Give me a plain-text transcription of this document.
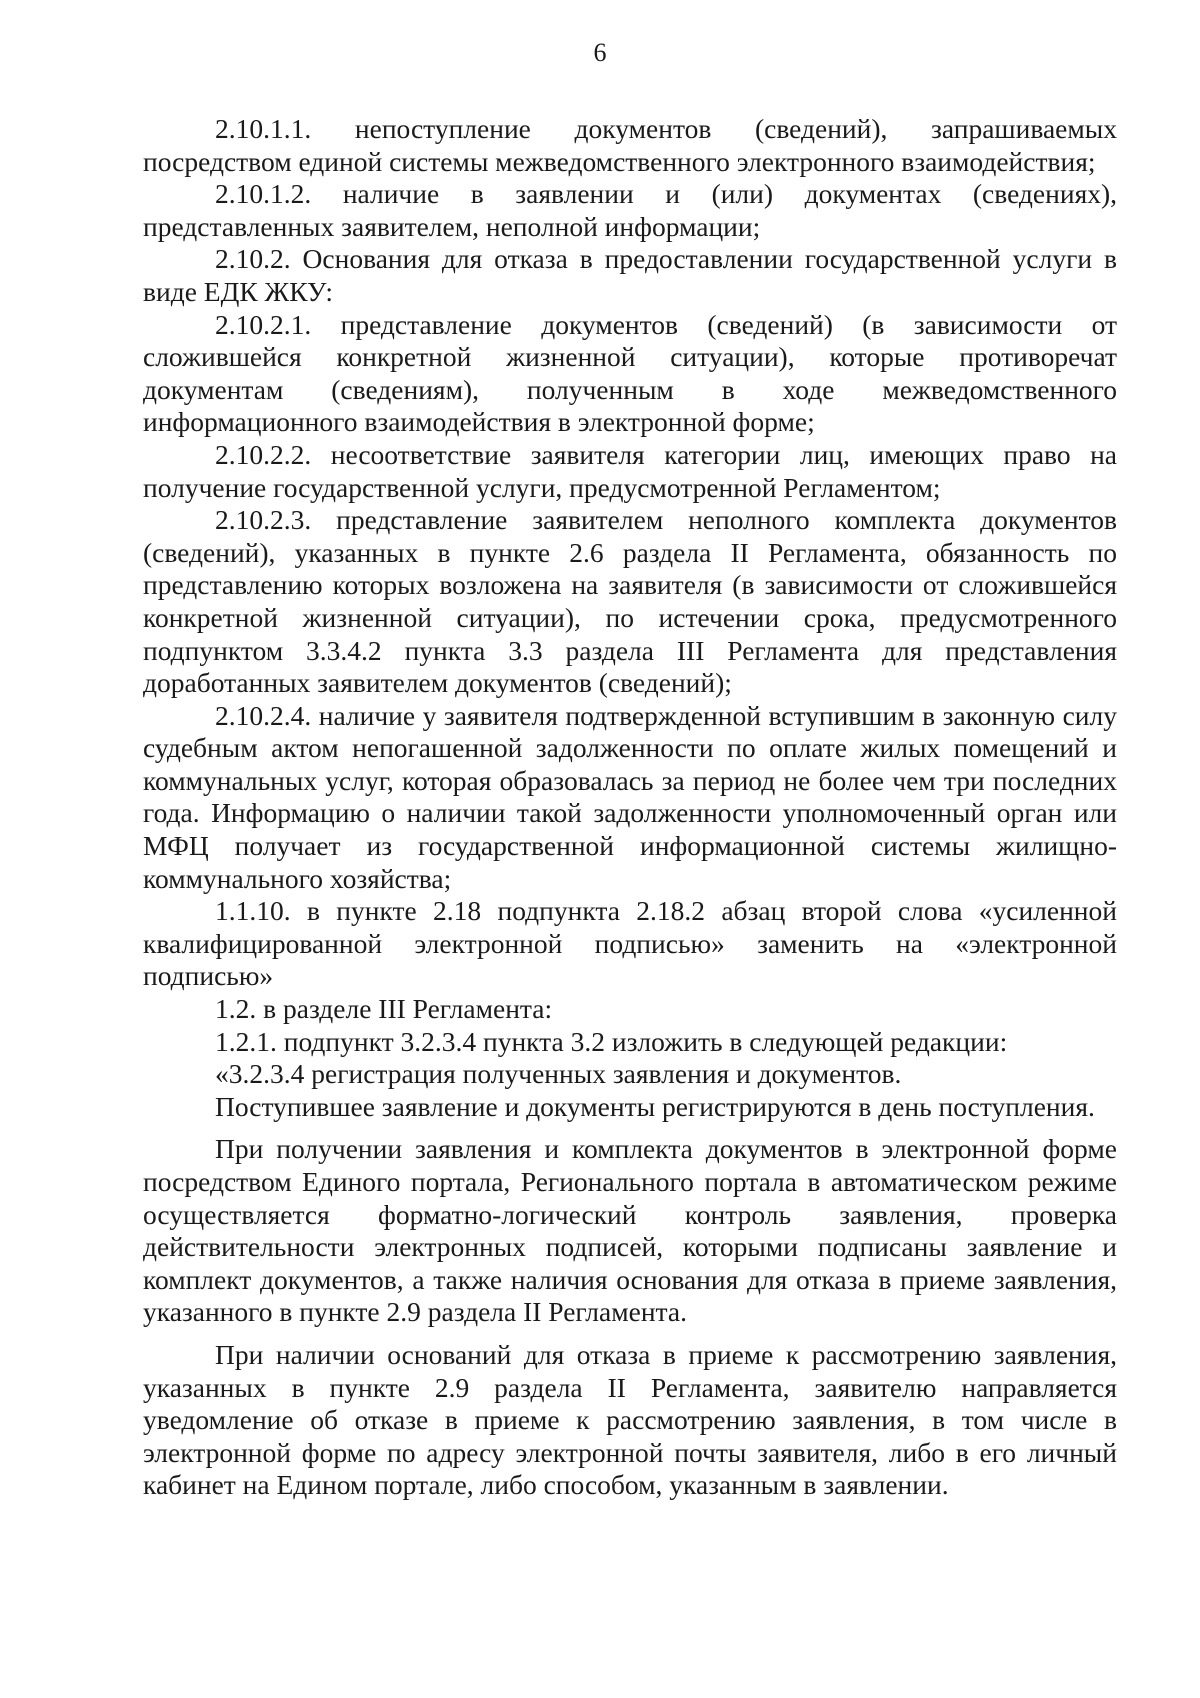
6

2.10.1.1. непоступление документов (сведений), запрашиваемых посредством единой системы межведомственного электронного взаимодействия;

2.10.1.2. наличие в заявлении и (или) документах (сведениях), представленных заявителем, неполной информации;

2.10.2. Основания для отказа в предоставлении государственной услуги в виде ЕДК ЖКУ:

2.10.2.1. представление документов (сведений) (в зависимости от сложившейся конкретной жизненной ситуации), которые противоречат документам (сведениям), полученным в ходе межведомственного информационного взаимодействия в электронной форме;

2.10.2.2. несоответствие заявителя категории лиц, имеющих право на получение государственной услуги, предусмотренной Регламентом;

2.10.2.3. представление заявителем неполного комплекта документов (сведений), указанных в пункте 2.6 раздела II Регламента, обязанность по представлению которых возложена на заявителя (в зависимости от сложившейся конкретной жизненной ситуации), по истечении срока, предусмотренного подпунктом 3.3.4.2 пункта 3.3 раздела III Регламента для представления доработанных заявителем документов (сведений);

2.10.2.4. наличие у заявителя подтвержденной вступившим в законную силу судебным актом непогашенной задолженности по оплате жилых помещений и коммунальных услуг, которая образовалась за период не более чем три последних года. Информацию о наличии такой задолженности уполномоченный орган или МФЦ получает из государственной информационной системы жилищно-коммунального хозяйства;

1.1.10. в пункте 2.18 подпункта 2.18.2 абзац второй слова «усиленной квалифицированной электронной подписью» заменить на «электронной подписью»

1.2. в разделе III Регламента:

1.2.1. подпункт 3.2.3.4 пункта 3.2 изложить в следующей редакции:

«3.2.3.4 регистрация полученных заявления и документов.

Поступившее заявление и документы регистрируются в день поступления.

При получении заявления и комплекта документов в электронной форме посредством Единого портала, Регионального портала в автоматическом режиме осуществляется форматно-логический контроль заявления, проверка действительности электронных подписей, которыми подписаны заявление и комплект документов, а также наличия основания для отказа в приеме заявления, указанного в пункте 2.9 раздела II Регламента.

При наличии оснований для отказа в приеме к рассмотрению заявления, указанных в пункте 2.9 раздела II Регламента, заявителю направляется уведомление об отказе в приеме к рассмотрению заявления, в том числе в электронной форме по адресу электронной почты заявителя, либо в его личный кабинет на Едином портале, либо способом, указанным в заявлении.
